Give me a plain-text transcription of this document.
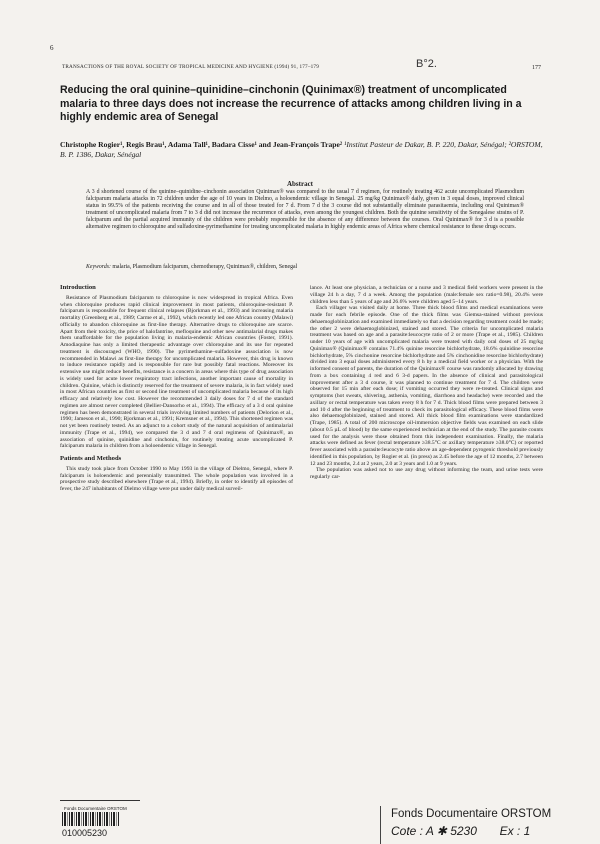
6
TRANSACTIONS OF THE ROYAL SOCIETY OF TROPICAL MEDICINE AND HYGIENE (1994) 91, 177–179	B°2.	177
Reducing the oral quinine–quinidine–cinchonin (Quinimax®) treatment of uncomplicated malaria to three days does not increase the recurrence of attacks among children living in a highly endemic area of Senegal
Christophe Rogier¹, Regis Brau¹, Adama Tall¹, Badara Cisse¹ and Jean-François Trape² ¹Institut Pasteur de Dakar, B. P. 220, Dakar, Sénégal; ²ORSTOM, B. P. 1386, Dakar, Sénégal
Abstract
A 3 d shortened course of the quinine–quinidine–cinchonin association Quinimax® was compared to the usual 7 d regimen, for routinely treating 462 acute uncomplicated Plasmodium falciparum malaria attacks in 72 children under the age of 10 years in Dielmo, a holoendemic village in Senegal. 25 mg/kg Quinimax® daily, given in 3 equal doses, improved clinical status in 99.5% of the patients receiving the course and in all of those treated for 7 d. From 7 d the 3 course did not substantially eliminate parasitaemia, including oral Quinimax® treatment of uncomplicated malaria from 7 to 3 d did not increase the recurrence of attacks, even among the youngest children. Both the quinine sensitivity of the Senegalese strains of P. falciparum and the partial acquired immunity of the children were probably responsible for the absence of any difference between the courses. Oral Quinimax® for 3 d is a possible alternative regimen to chloroquine and sulfadoxine-pyrimethamine for treating uncomplicated malaria in highly endemic areas of Africa where chemical resistance to these drugs occurs.
Keywords: malaria, Plasmodium falciparum, chemotherapy, Quinimax®, children, Senegal
Introduction

Resistance of Plasmodium falciparum to chloroquine is now widespread in tropical Africa. Even when chloroquine produces rapid clinical improvement in most patients, chloroquine-resistant P. falciparum is responsible for frequent clinical relapses (Bjorkman et al., 1993) and increasing malaria mortality (Greenberg et al., 1989; Carme et al., 1992), which recently led one African country (Malawi) officially to abandon chloroquine as first-line therapy. Alternative drugs to chloroquine are scarce. Apart from their toxicity, the price of halofantrine, mefloquine and other new antimalarial drugs makes them unaffordable for the population living in malaria-endemic African countries (Foster, 1991). Amodiaquine has only a limited therapeutic advantage over chloroquine and its use for repeated treatment is discouraged (WHO, 1990). The pyrimethamine–sulfadoxine association is now recommended in Malawi as first-line therapy for uncomplicated malaria. However, this drug is known to induce resistance rapidly and is responsible for rare but possibly fatal reactions. Moreover its extensive use might reduce benefits, resistance is a concern in areas where this type of drug association is widely used for acute lower respiratory tract infections, another important cause of mortality in children. Quinine, which is distinctly reserved for the treatment of severe malaria, is in fact widely used in most African countries as first or second line treatment of uncomplicated malaria because of its high efficacy and relatively low cost. However the recommended 3 daily doses for 7 d of the standard regimen are almost never completed (Bellier-Dansorho et al., 1994). The efficacy of a 3 d oral quinine regimen has been demonstrated in several trials involving limited numbers of patients (Delorion et al., 1990; Jameson et al., 1990; Bjorkman et al., 1991; Kremsner et al., 1994). This shortened regimen was not yet been routinely tested. As an adjunct to a cohort study of the natural acquisition of antimalarial immunity (Trape et al., 1994), we compared the 3 d and 7 d oral regimens of Quinimax®, an association of quinine, quinidine and cinchonin, for routinely treating acute uncomplicated P. falciparum malaria in children from a holoendemic village in Senegal.

Patients and Methods

This study took place from October 1990 to May 1993 in the village of Dielmo, Senegal, where P. falciparum is holoendemic and perennially transmitted. The whole population was involved in a prospective study described elsewhere (Trape et al., 1994). Briefly, in order to identify all episodes of fever, the 247 inhabitants of Dielmo village were put under daily medical surveil-

lance. At least one physician, a technician or a nurse and 3 medical field workers were present in the village 24 h a day, 7 d a week. Among the population (male:female sex ratio=0.98), 20.4% were children less than 5 years of age and 26.6% were children aged 5–14 years.

Each villager was visited daily at home. Three thick blood films and medical examinations were made for each febrile episode. One of the thick films was Giemsa-stained without previous dehaemoglobinization and examined immediately so that a decision regarding treatment could be made; the other 2 were dehaemoglobinized, stained and stored. The criteria for uncomplicated malaria treatment was based on age and a parasite:leucocyte ratio of 2 or more (Trape et al., 1985). Children under 10 years of age with uncomplicated malaria were treated with daily oral doses of 25 mg/kg Quinimax® (Quinimax® contains 71.4% quinine resorcine bichlorhydrate, 18.6% quinidine resorcine bichlorhydrate, 5% cinchonine resorcine bichlorhydrate and 5% cinchonidine resorcine bichlorhydrate) divided into 3 equal doses administered every 8 h by a medical field worker or a physician. With the informed consent of parents, the duration of the Quinimax® course was randomly allocated by drawing from a box containing 4 red and 6 3-d papers. In the absence of clinical and parasitological improvement after a 3 d course, it was planned to continue treatment for 7 d. The children were observed for 15 min after each dose; if vomiting occurred they were re-treated. Clinical signs and symptoms (hot sweats, shivering, asthenia, vomiting, diarrhoea and headache) were recorded and the axillary or rectal temperature was taken every 8 h for 7 d. Thick blood films were prepared between 3 and 10 d after the beginning of treatment to check its parasitological efficacy. These blood films were also dehaemoglobinized, stained and stored. All thick blood film examinations were standardized (Trape, 1985). A total of 200 microscope oil-immersion objective fields was examined on each slide (about 0.5 µL of blood) by the same experienced technician at the end of the study. The parasite counts used for the analysis were those obtained from this independent examination. Finally, the malaria attacks were defined as fever (rectal temperature ≥38.5°C or axillary temperature ≥38.0°C) or reported fever associated with a parasite:leucocyte ratio above an age-dependent pyrogenic threshold previously identified in this population, by Rogier et al. (in press) as 2.45 before the age of 12 months, 2.7 between 12 and 23 months, 2.4 at 2 years, 2.0 at 3 years and 1.0 at 9 years.

The population was asked not to use any drug without informing the team, and urine tests were regularly car-

Fonds Documentaire ORSTOM
010005230
Fonds Documentaire ORSTOM
Cote : A ✱ 5230 Ex : 1
